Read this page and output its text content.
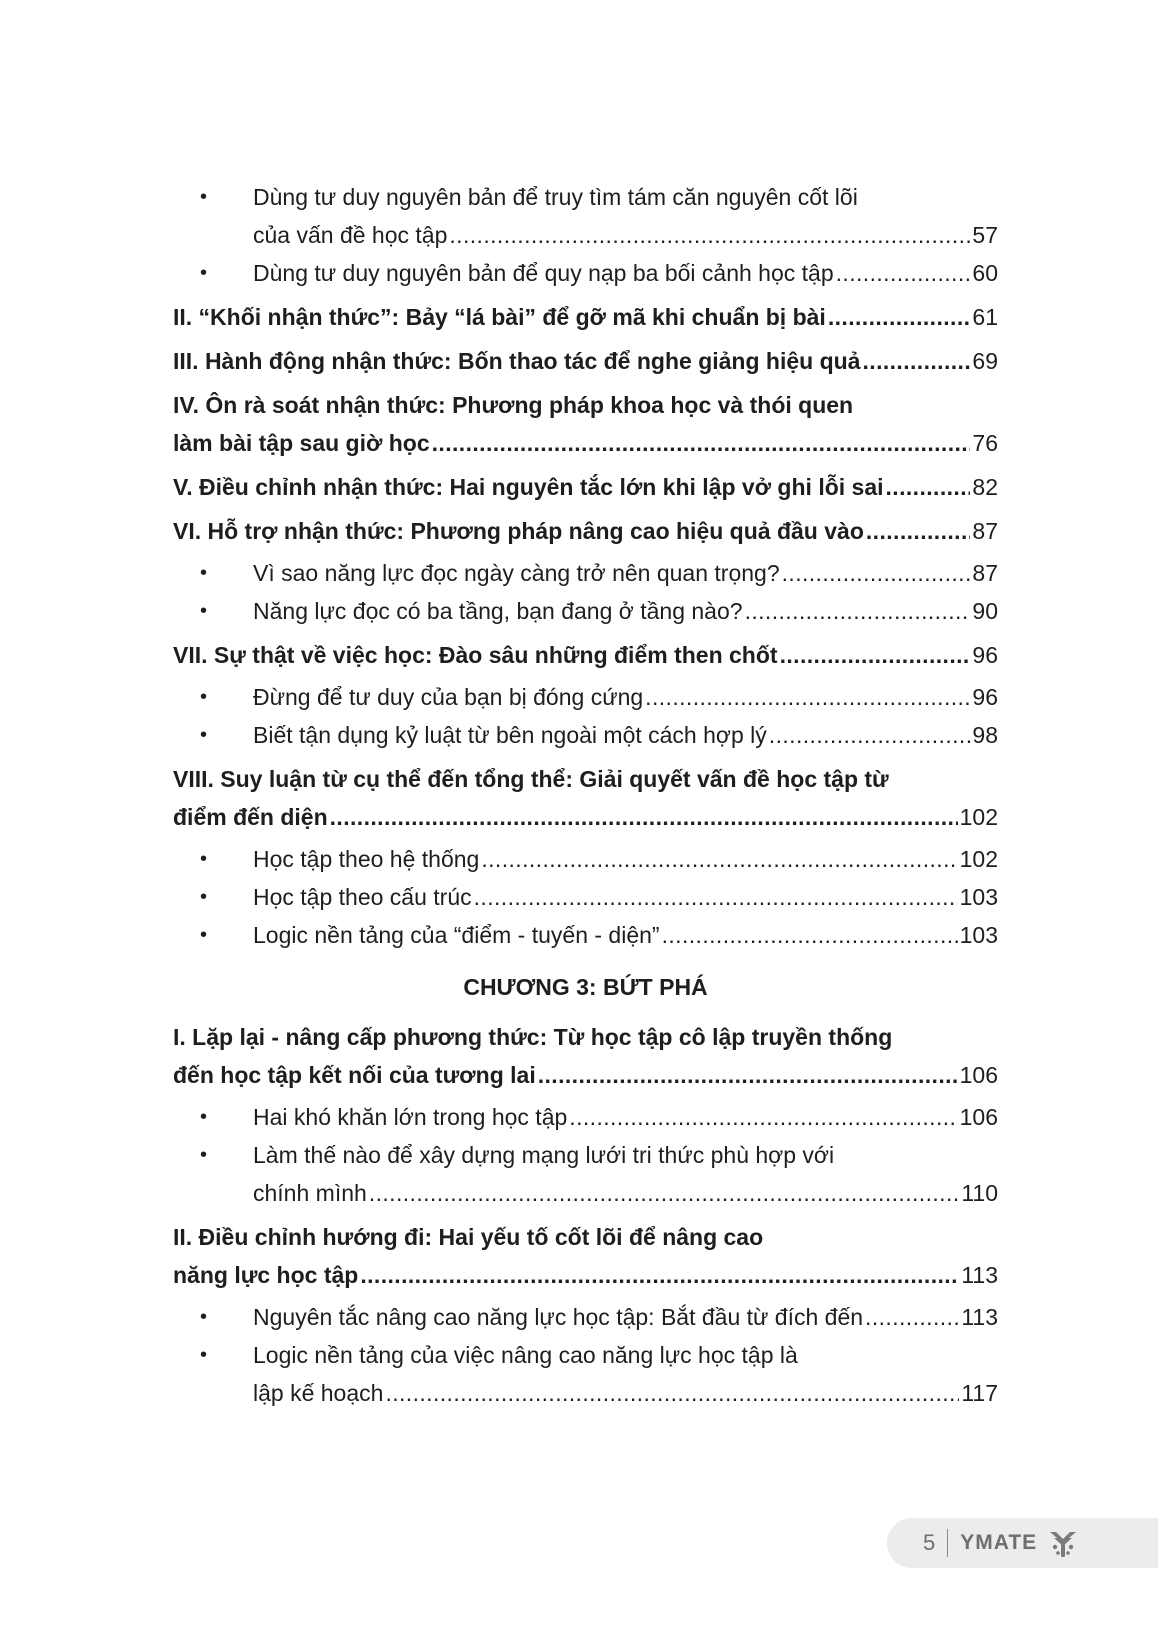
• Dùng tư duy nguyên bản để truy tìm tám căn nguyên cốt lõi
của vấn đề học tập .....	57
• Dùng tư duy nguyên bản để quy nạp ba bối cảnh học tập .....	60
II. “Khối nhận thức”: Bảy “lá bài” để gỡ mã khi chuẩn bị bài .....	61
III. Hành động nhận thức: Bốn thao tác để nghe giảng hiệu quả .....	69
IV. Ôn rà soát nhận thức: Phương pháp khoa học và thói quen
làm bài tập sau giờ học .....	76
V. Điều chỉnh nhận thức: Hai nguyên tắc lớn khi lập vở ghi lỗi sai .....	82
VI. Hỗ trợ nhận thức: Phương pháp nâng cao hiệu quả đầu vào .....	87
• Vì sao năng lực đọc ngày càng trở nên quan trọng? .....	87
• Năng lực đọc có ba tầng, bạn đang ở tầng nào? .....	90
VII. Sự thật về việc học: Đào sâu những điểm then chốt .....	96
• Đừng để tư duy của bạn bị đóng cứng .....	96
• Biết tận dụng kỷ luật từ bên ngoài một cách hợp lý .....	98
VIII. Suy luận từ cụ thể đến tổng thể: Giải quyết vấn đề học tập từ
điểm đến diện .....	102
• Học tập theo hệ thống .....	102
• Học tập theo cấu trúc .....	103
• Logic nền tảng của “điểm - tuyến - diện” .....	103
CHƯƠNG 3: BỨT PHÁ
I. Lặp lại - nâng cấp phương thức: Từ học tập cô lập truyền thống
đến học tập kết nối của tương lai .....	106
• Hai khó khăn lớn trong học tập .....	106
• Làm thế nào để xây dựng mạng lưới tri thức phù hợp với
chính mình .....	110
II. Điều chỉnh hướng đi: Hai yếu tố cốt lõi để nâng cao
năng lực học tập .....	113
• Nguyên tắc nâng cao năng lực học tập: Bắt đầu từ đích đến .....	113
• Logic nền tảng của việc nâng cao năng lực học tập là
lập kế hoạch .....	117
5 YMATE
